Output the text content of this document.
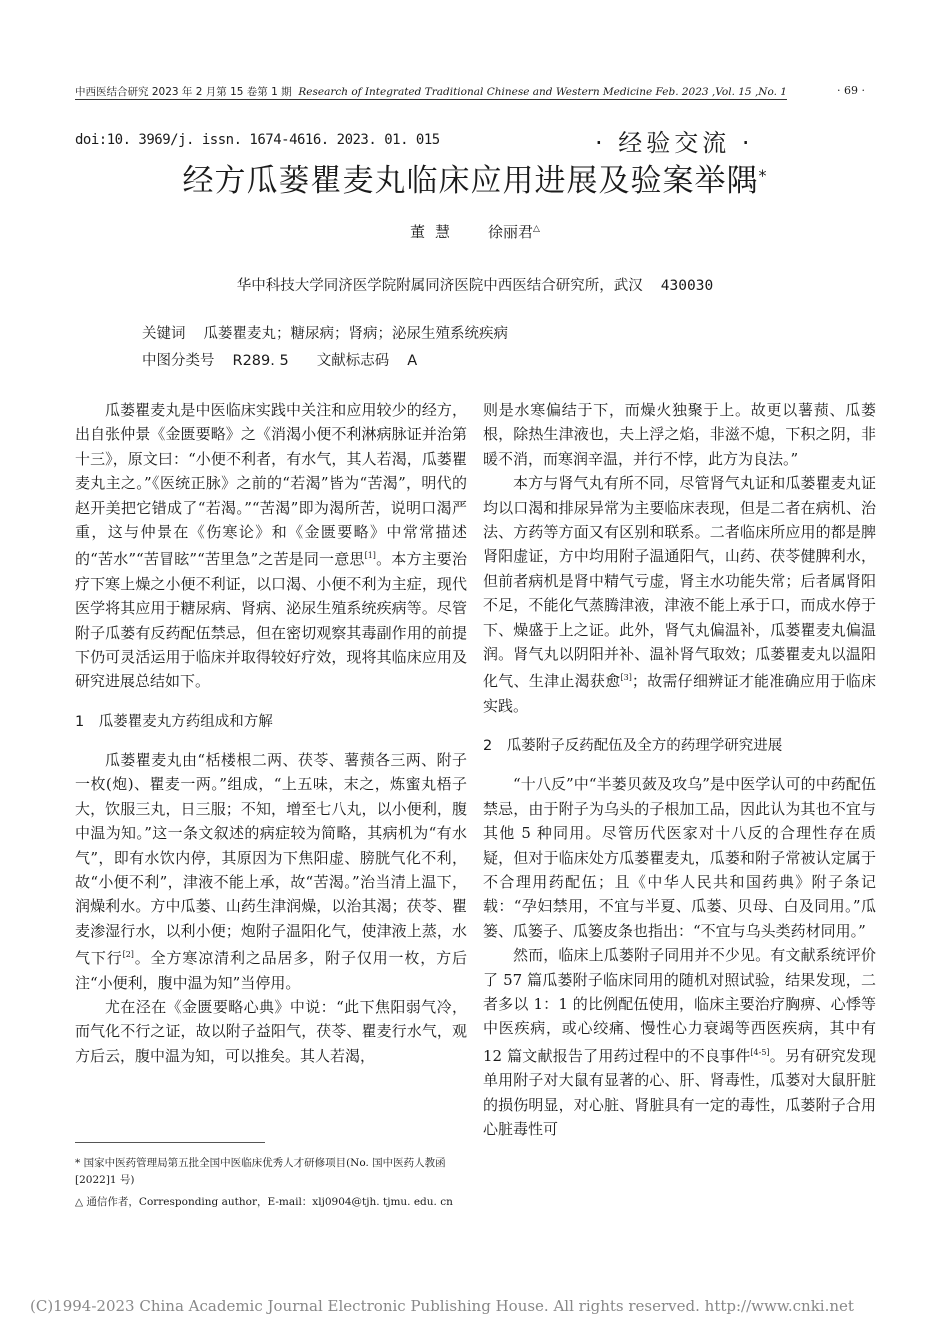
中西医结合研究 2023 年 2 月第 15 卷第 1 期 Research of Integrated Traditional Chinese and Western Medicine Feb. 2023 ,Vol. 15 ,No. 1	· 69 ·
doi:10. 3969/j. issn. 1674-4616. 2023. 01. 015	· 经验交流 ·
经方瓜蒌瞿麦丸临床应用进展及验案举隅*
董慧 徐丽君△
华中科技大学同济医学院附属同济医院中西医结合研究所，武汉 430030
关键词 瓜蒌瞿麦丸；糖尿病；肾病；泌尿生殖系统疾病
中图分类号 R289. 5 文献标志码 A

瓜蒌瞿麦丸是中医临床实践中关注和应用较少的经方，出自张仲景《金匮要略》之《消渴小便不利淋病脉证并治第十三》，原文曰：“小便不利者，有水气，其人若渴，瓜蒌瞿麦丸主之。”《医统正脉》之前的“若渴”皆为“苦渴”，明代的赵开美把它错成了“若渴。”“苦渴”即为渴所苦，说明口渴严重，这与仲景在《伤寒论》和《金匮要略》中常常描述的“苦水”“苦冒眩”“苦里急”之苦是同一意思[1]。本方主要治疗下寒上燥之小便不利证，以口渴、小便不利为主症，现代医学将其应用于糖尿病、肾病、泌尿生殖系统疾病等。尽管附子瓜蒌有反药配伍禁忌，但在密切观察其毒副作用的前提下仍可灵活运用于临床并取得较好疗效，现将其临床应用及研究进展总结如下。

1　瓜蒌瞿麦丸方药组成和方解

瓜蒌瞿麦丸由“栝楼根二两、茯苓、薯蓣各三两、附子一枚(炮)、瞿麦一两。”组成，“上五味，末之，炼蜜丸梧子大，饮服三丸，日三服；不知，增至七八丸，以小便利，腹中温为知。”这一条文叙述的病症较为简略，其病机为“有水气”，即有水饮内停，其原因为下焦阳虚、膀胱气化不利，故“小便不利”，津液不能上承，故“苦渴。”治当清上温下，润燥利水。方中瓜蒌、山药生津润燥，以治其渴；茯苓、瞿麦渗湿行水，以利小便；炮附子温阳化气，使津液上蒸，水气下行[2]。全方寒凉清利之品居多，附子仅用一枚，方后注“小便利，腹中温为知”当停用。

尤在泾在《金匮要略心典》中说：“此下焦阳弱气冷，而气化不行之证，故以附子益阳气，茯苓、瞿麦行水气，观方后云，腹中温为知，可以推矣。其人若渴，

则是水寒偏结于下，而燥火独聚于上。故更以薯蓣、瓜蒌根，除热生津液也，夫上浮之焰，非滋不熄，下积之阴，非暖不消，而寒润辛温，并行不悖，此方为良法。”

本方与肾气丸有所不同，尽管肾气丸证和瓜蒌瞿麦丸证均以口渴和排尿异常为主要临床表现，但是二者在病机、治法、方药等方面又有区别和联系。二者临床所应用的都是脾肾阳虚证，方中均用附子温通阳气，山药、茯苓健脾利水，但前者病机是肾中精气亏虚，肾主水功能失常；后者属肾阳不足，不能化气蒸腾津液，津液不能上承于口，而成水停于下、燥盛于上之证。此外，肾气丸偏温补，瓜蒌瞿麦丸偏温润。肾气丸以阴阳并补、温补肾气取效；瓜蒌瞿麦丸以温阳化气、生津止渴获愈[3]；故需仔细辨证才能准确应用于临床实践。

2　瓜蒌附子反药配伍及全方的药理学研究进展

“十八反”中“半蒌贝蔹及攻乌”是中医学认可的中药配伍禁忌，由于附子为乌头的子根加工品，因此认为其也不宜与其他 5 种同用。尽管历代医家对十八反的合理性存在质疑，但对于临床处方瓜蒌瞿麦丸，瓜蒌和附子常被认定属于不合理用药配伍；且《中华人民共和国药典》附子条记载：“孕妇禁用，不宜与半夏、瓜蒌、贝母、白及同用。”瓜篓、瓜篓子、瓜篓皮条也指出：“不宜与乌头类药材同用。”

然而，临床上瓜蒌附子同用并不少见。有文献系统评价了 57 篇瓜蒌附子临床同用的随机对照试验，结果发现，二者多以 1：1 的比例配伍使用，临床主要治疗胸痹、心悸等中医疾病，或心绞痛、慢性心力衰竭等西医疾病，其中有 12 篇文献报告了用药过程中的不良事件[4-5]。另有研究发现单用附子对大鼠有显著的心、肝、肾毒性，瓜蒌对大鼠肝脏的损伤明显，对心脏、肾脏具有一定的毒性，瓜蒌附子合用心脏毒性可

* 国家中医药管理局第五批全国中医临床优秀人才研修项目(No. 国中医药人教函[2022]1 号)

△ 通信作者，Corresponding author，E-mail：xlj0904@tjh. tjmu. edu. cn

(C)1994-2023 China Academic Journal Electronic Publishing House. All rights reserved. http://www.cnki.net
